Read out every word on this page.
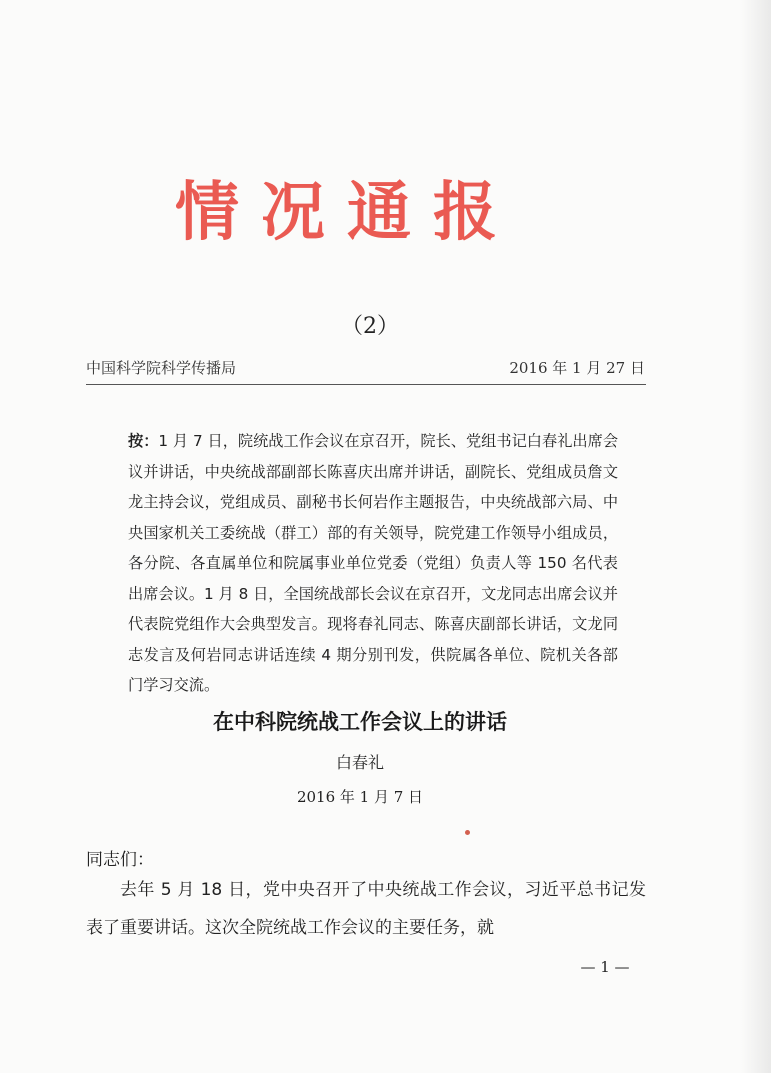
情况通报
（2）
中国科学院科学传播局	2016 年 1 月 27 日
按：1 月 7 日，院统战工作会议在京召开，院长、党组书记白春礼出席会议并讲话，中央统战部副部长陈喜庆出席并讲话，副院长、党组成员詹文龙主持会议，党组成员、副秘书长何岩作主题报告，中央统战部六局、中央国家机关工委统战（群工）部的有关领导，院党建工作领导小组成员，各分院、各直属单位和院属事业单位党委（党组）负责人等 150 名代表出席会议。1 月 8 日，全国统战部长会议在京召开，文龙同志出席会议并代表院党组作大会典型发言。现将春礼同志、陈喜庆副部长讲话，文龙同志发言及何岩同志讲话连续 4 期分别刊发，供院属各单位、院机关各部门学习交流。
在中科院统战工作会议上的讲话
白春礼
2016 年 1 月 7 日
同志们：
去年 5 月 18 日，党中央召开了中央统战工作会议，习近平总书记发表了重要讲话。这次全院统战工作会议的主要任务，就
— 1 —
